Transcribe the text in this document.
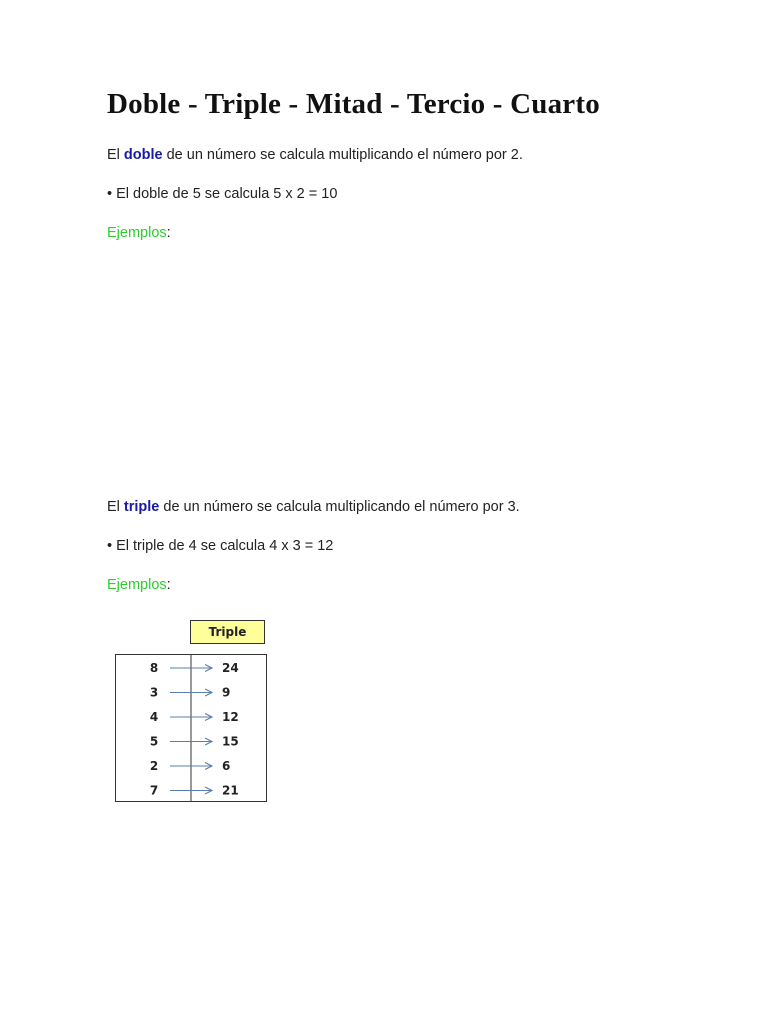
Doble - Triple - Mitad - Tercio - Cuarto

El doble de un número se calcula multiplicando el número por 2.

• El doble de 5 se calcula 5 x 2 = 10

Ejemplos:

El triple de un número se calcula multiplicando el número por 3.

• El triple de 4 se calcula 4 x 3 = 12

Ejemplos:

Triple
8	24
3	9
4	12
5	15
2	6
7	21
